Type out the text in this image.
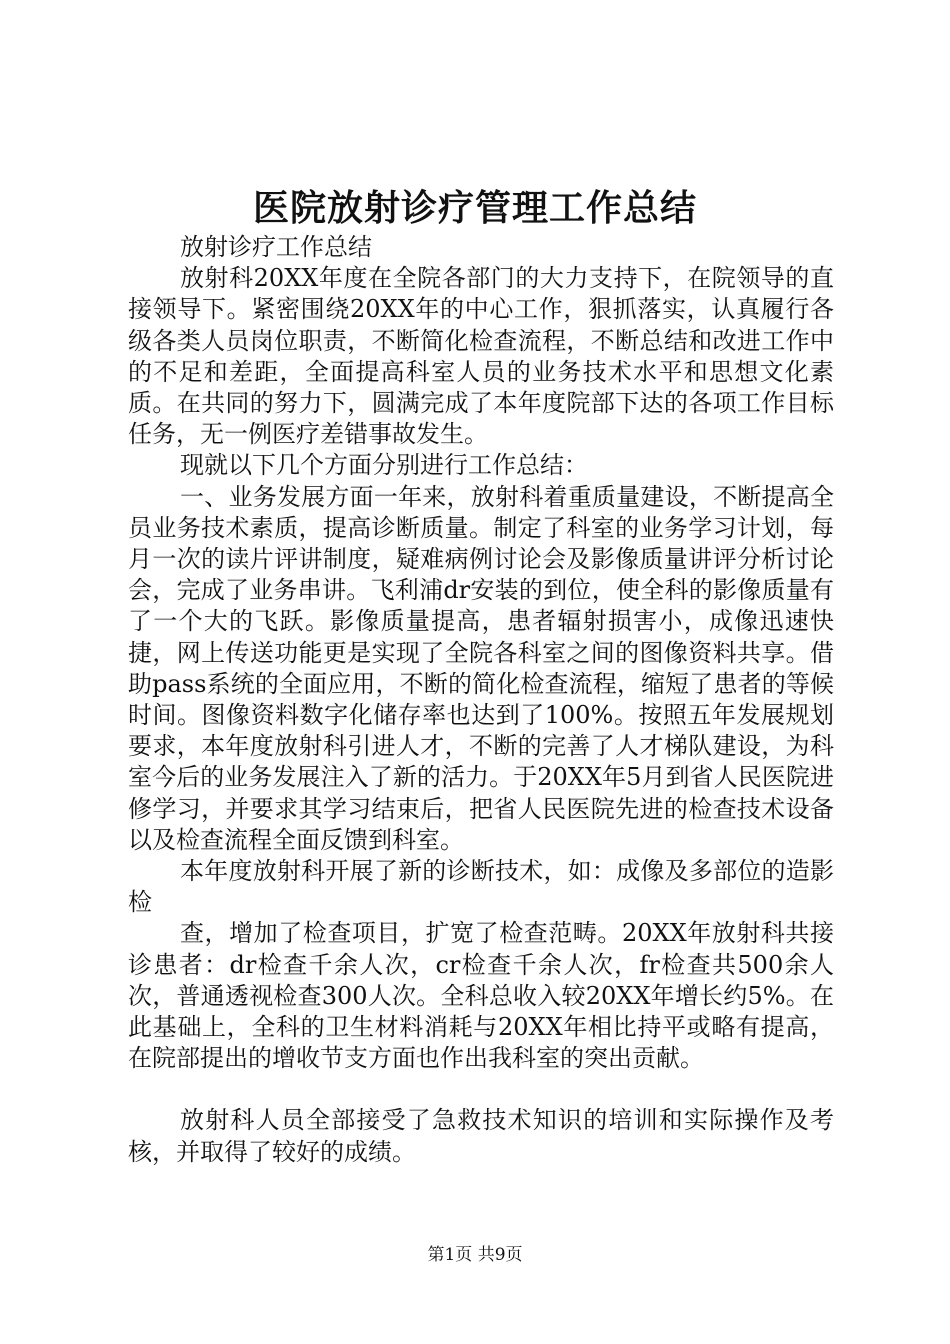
医院放射诊疗管理工作总结

放射诊疗工作总结

放射科20XX年度在全院各部门的大力支持下，在院领导的直接领导下。紧密围绕20XX年的中心工作，狠抓落实，认真履行各级各类人员岗位职责，不断简化检查流程，不断总结和改进工作中的不足和差距，全面提高科室人员的业务技术水平和思想文化素质。在共同的努力下，圆满完成了本年度院部下达的各项工作目标任务，无一例医疗差错事故发生。

现就以下几个方面分别进行工作总结：

一、业务发展方面一年来，放射科着重质量建设，不断提高全员业务技术素质，提高诊断质量。制定了科室的业务学习计划，每月一次的读片评讲制度，疑难病例讨论会及影像质量讲评分析讨论会，完成了业务串讲。飞利浦dr安装的到位，使全科的影像质量有了一个大的飞跃。影像质量提高，患者辐射损害小，成像迅速快捷，网上传送功能更是实现了全院各科室之间的图像资料共享。借助pass系统的全面应用，不断的简化检查流程，缩短了患者的等候时间。图像资料数字化储存率也达到了100%。按照五年发展规划要求，本年度放射科引进人才，不断的完善了人才梯队建设，为科室今后的业务发展注入了新的活力。于20XX年5月到省人民医院进修学习，并要求其学习结束后，把省人民医院先进的检查技术设备以及检查流程全面反馈到科室。

本年度放射科开展了新的诊断技术，如：成像及多部位的造影检

查，增加了检查项目，扩宽了检查范畴。20XX年放射科共接诊患者：dr检查千余人次，cr检查千余人次，fr检查共500余人次，普通透视检查300人次。全科总收入较20XX年增长约5%。在此基础上，全科的卫生材料消耗与20XX年相比持平或略有提高，在院部提出的增收节支方面也作出我科室的突出贡献。

放射科人员全部接受了急救技术知识的培训和实际操作及考核，并取得了较好的成绩。

第1页 共9页
